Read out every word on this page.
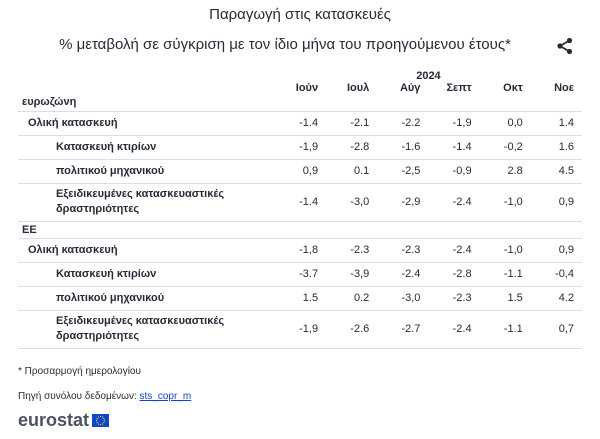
Παραγωγή στις κατασκευές
% μεταβολή σε σύγκριση με τον ίδιο μήνα του προηγούμενου έτους*
	2024					
	Ιούν	Ιουλ	Αύγ	Σεπτ	Οκτ	Νοε
ευρωζώνη						
Ολική κατασκευή	-1.4	-2.1	-2.2	-1,9	0,0	1.4
Κατασκευή κτιρίων	-1,9	-2.8	-1.6	-1.4	-0,2	1.6
πολιτικού μηχανικού	0,9	0.1	-2,5	-0,9	2.8	4.5
Εξειδικευμένες κατασκευαστικές δραστηριότητες	-1.4	-3,0	-2,9	-2.4	-1,0	0,9
ΕΕ						
Ολική κατασκευή	-1,8	-2.3	-2.3	-2.4	-1,0	0,9
Κατασκευή κτιρίων	-3.7	-3,9	-2.4	-2.8	-1.1	-0,4
πολιτικού μηχανικού	1.5	0.2	-3,0	-2.3	1.5	4.2
Εξειδικευμένες κατασκευαστικές δραστηριότητες	-1,9	-2.6	-2.7	-2.4	-1.1	0,7
* Προσαρμογή ημερολογίου
Πηγή συνόλου δεδομένων: sts_copr_m
eurostat
